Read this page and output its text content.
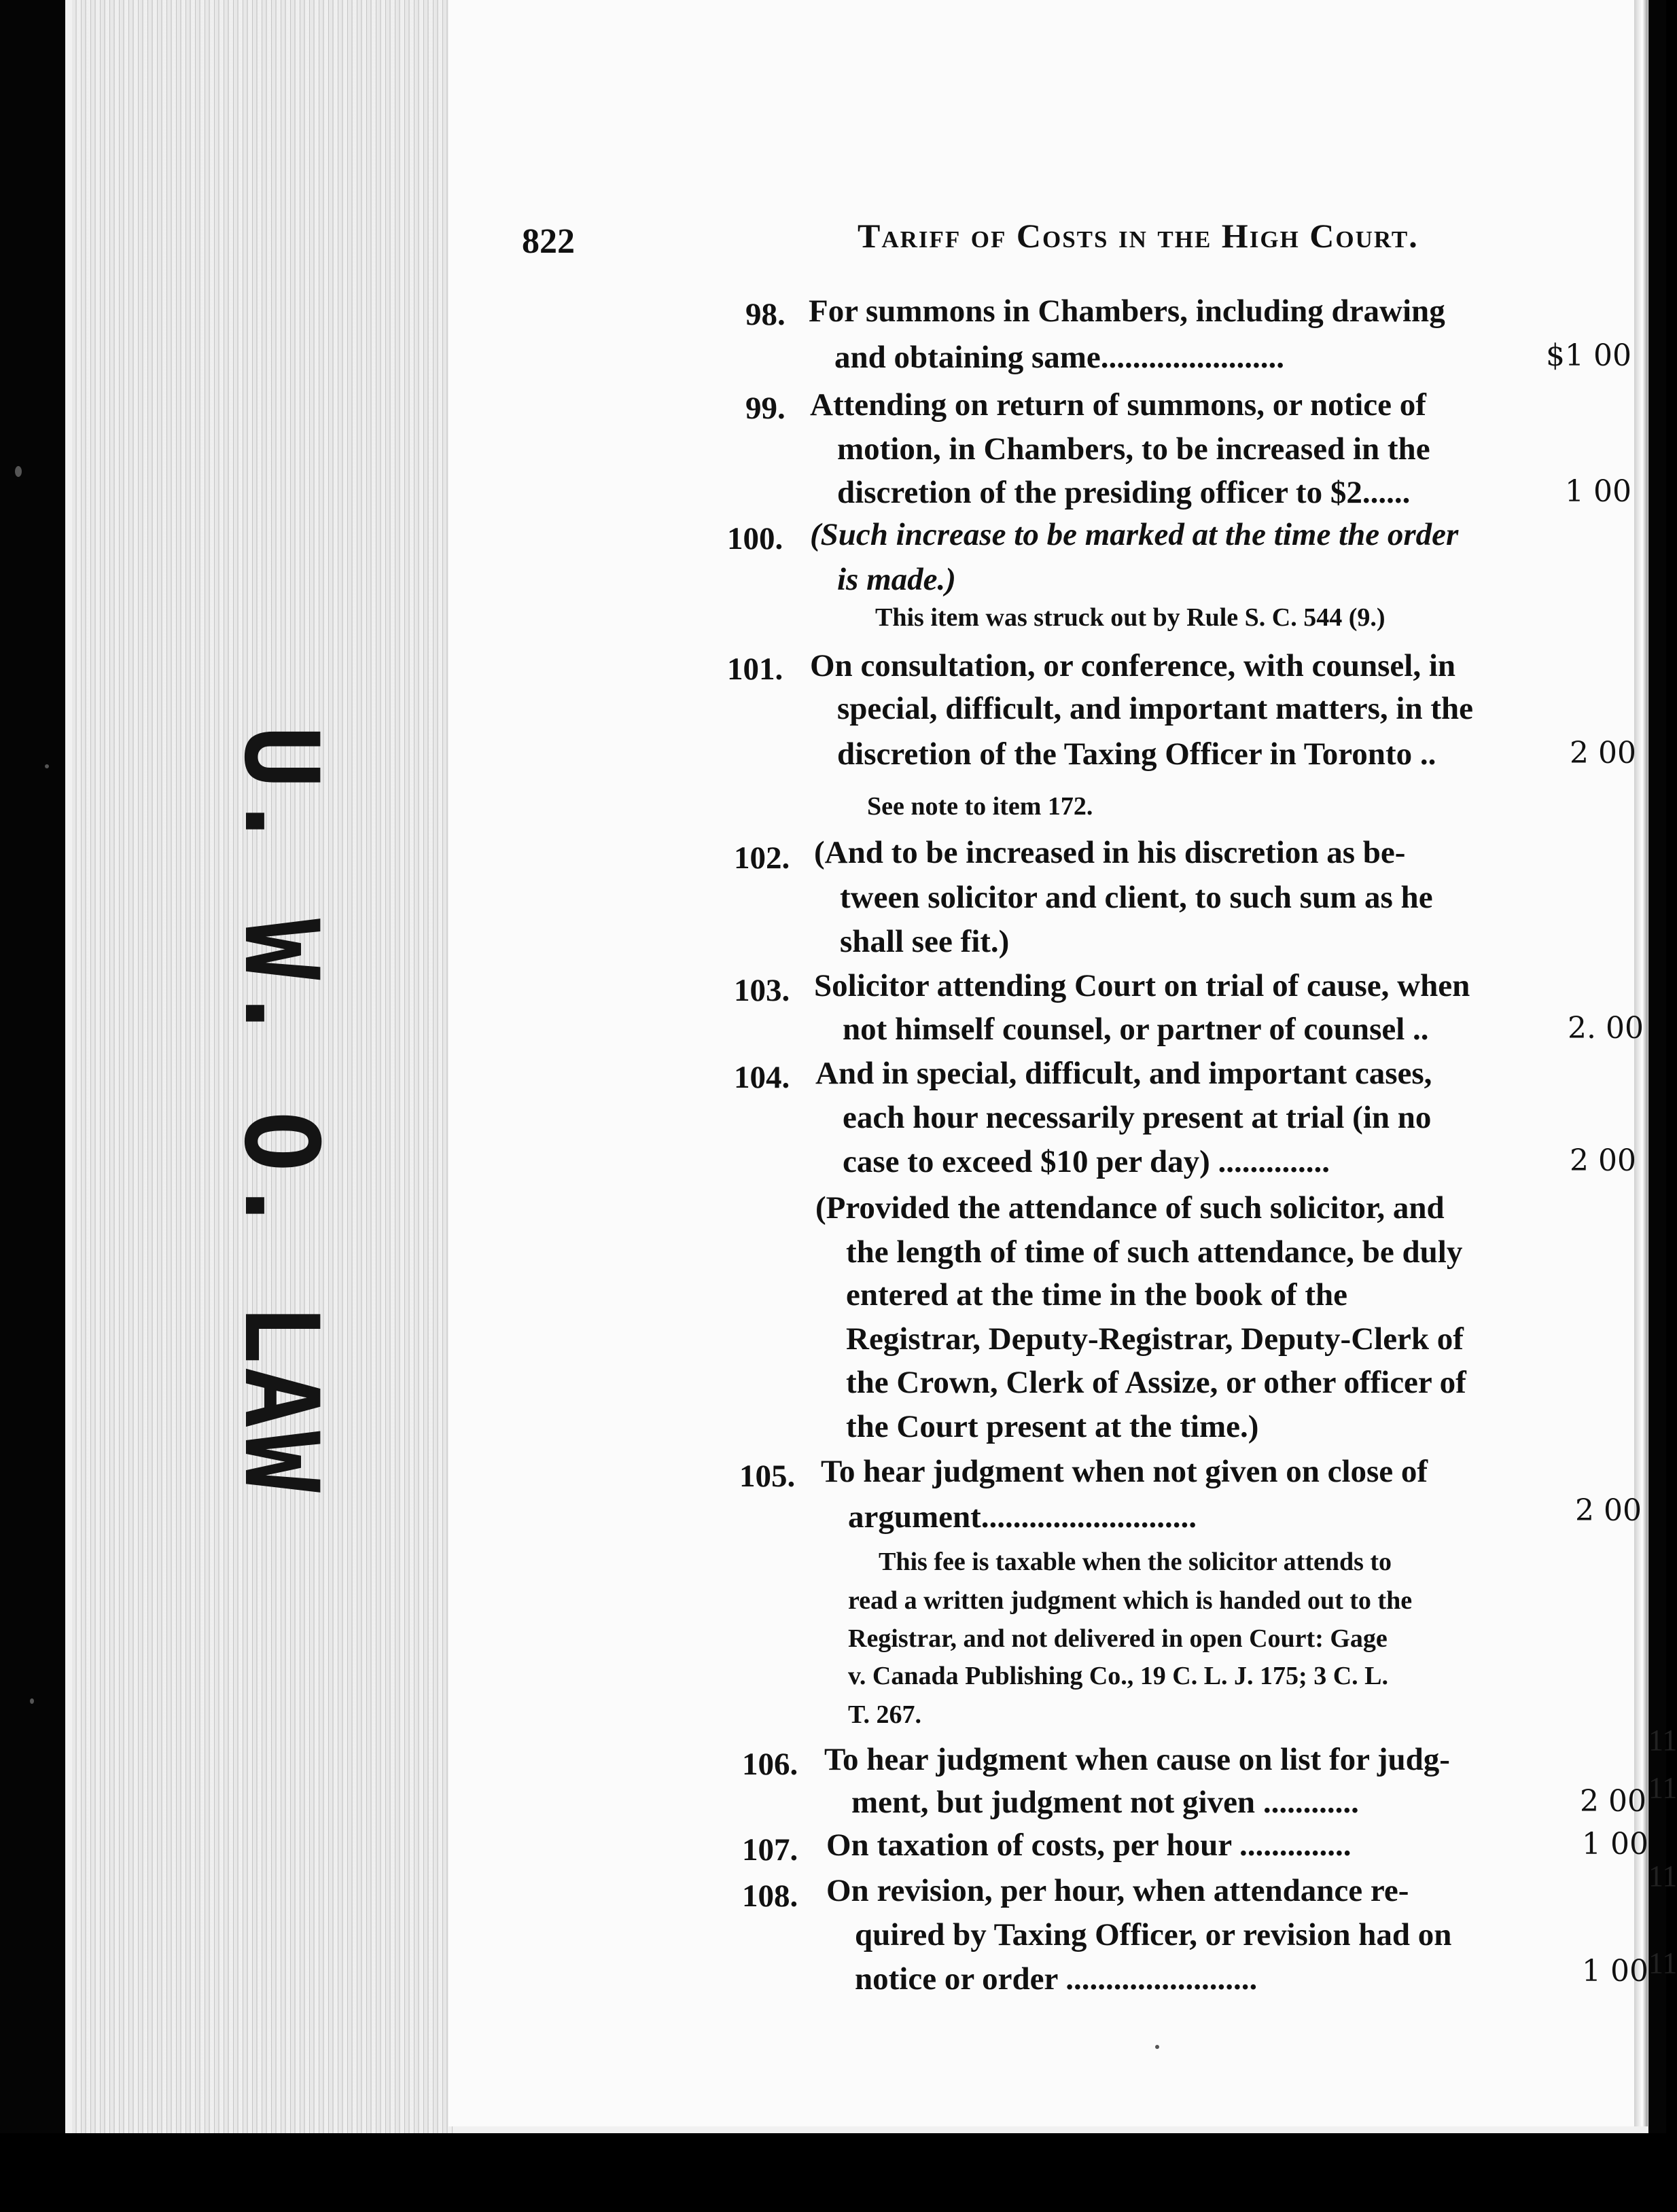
U. W. O. LAW
822	Tariff of Costs in the High Court.
98. For summons in Chambers, including drawing
and obtaining same.......................	$1 00
99. Attending on return of summons, or notice of
motion, in Chambers, to be increased in the
discretion of the presiding officer to $2......	1 00
100. (Such increase to be marked at the time the order
is made.)
This item was struck out by Rule S. C. 544 (9.)
101. On consultation, or conference, with counsel, in
special, difficult, and important matters, in the
discretion of the Taxing Officer in Toronto ..	2 00
See note to item 172.
102. (And to be increased in his discretion as be-
tween solicitor and client, to such sum as he
shall see fit.)
103. Solicitor attending Court on trial of cause, when
not himself counsel, or partner of counsel ..	2. 00
104. And in special, difficult, and important cases,
each hour necessarily present at trial (in no
case to exceed $10 per day) ..............	2 00
(Provided the attendance of such solicitor, and
the length of time of such attendance, be duly
entered at the time in the book of the
Registrar, Deputy-Registrar, Deputy-Clerk of
the Crown, Clerk of Assize, or other officer of
the Court present at the time.)
105. To hear judgment when not given on close of
argument...........................	2 00
This fee is taxable when the solicitor attends to
read a written judgment which is handed out to the
Registrar, and not delivered in open Court: Gage
v. Canada Publishing Co., 19 C. L. J. 175; 3 C. L.
T. 267.
106. To hear judgment when cause on list for judg-
ment, but judgment not given ............	2 00
107. On taxation of costs, per hour ..............	1 00
108. On revision, per hour, when attendance re-
quired by Taxing Officer, or revision had on
notice or order ........................	1 00
11
11
11
11
